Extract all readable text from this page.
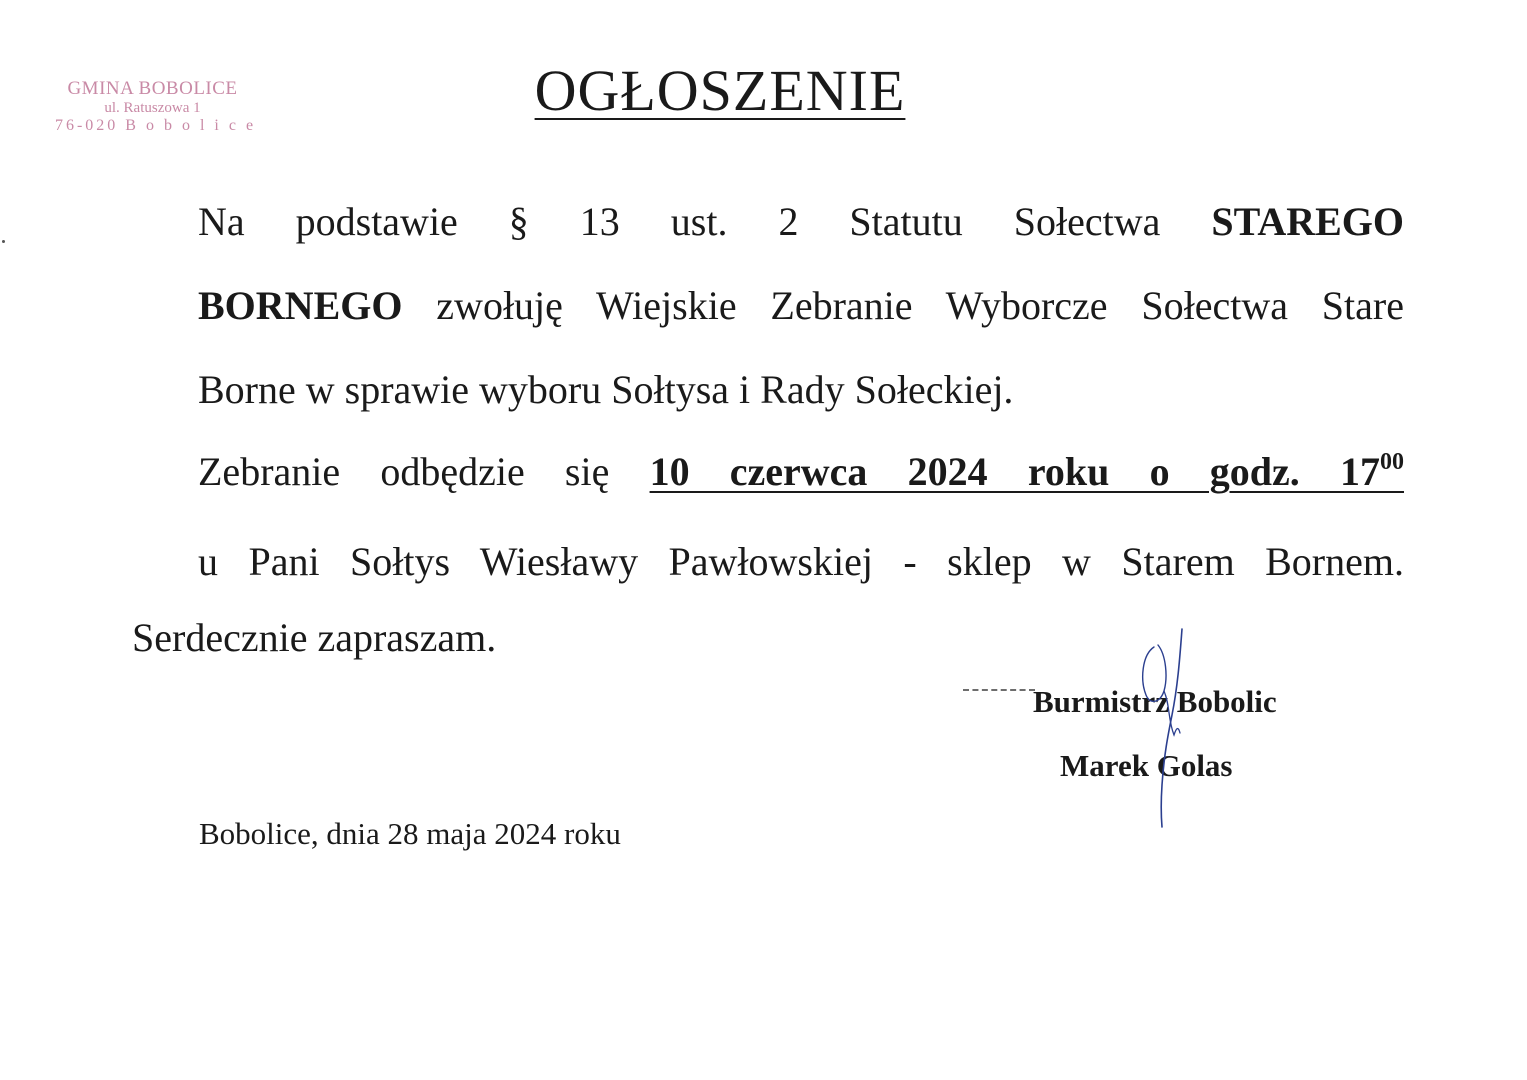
GMINA BOBOLICE
ul. Ratuszowa 1
76-020 B o b o l i c e
OGŁOSZENIE
Na podstawie § 13 ust. 2 Statutu Sołectwa STAREGO
BORNEGO zwołuję Wiejskie Zebranie Wyborcze Sołectwa Stare
Borne w sprawie wyboru Sołtysa i Rady Sołeckiej.
Zebranie odbędzie się 10 czerwca 2024 roku o godz. $17^{00}$
u Pani Sołtys Wiesławy Pawłowskiej - sklep w Starem Bornem.
Serdecznie zapraszam.
Burmistrz Bobolic
Marek Golas
Bobolice, dnia 28 maja 2024 roku
